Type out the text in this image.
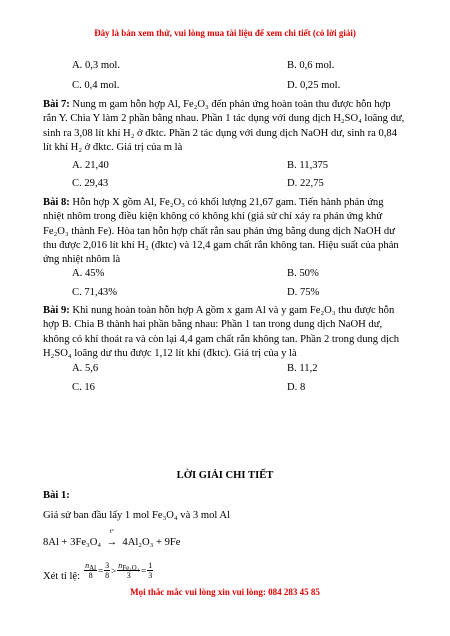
Đây là bản xem thử, vui lòng mua tài liệu để xem chi tiết (có lời giải)
A. 0,3 mol.	B. 0,6 mol.
C. 0,4 mol.	D. 0,25 mol.
Bài 7: Nung m gam hỗn hợp Al, Fe₂O₃ đến phản ứng hoàn toàn thu được hỗn hợp rắn Y. Chia Y làm 2 phần bằng nhau. Phần 1 tác dụng với dung dịch H₂SO₄ loãng dư, sinh ra 3,08 lít khí H₂ ở đktc. Phần 2 tác dụng với dung dịch NaOH dư, sinh ra 0,84 lít khí H₂ ở đktc. Giá trị của m là
A. 21,40	B. 11,375
C. 29,43	D. 22,75
Bài 8: Hỗn hợp X gồm Al, Fe₂O₃ có khối lượng 21,67 gam. Tiến hành phản ứng nhiệt nhôm trong điều kiện không có không khí (giả sử chỉ xảy ra phản ứng khử Fe₂O₃ thành Fe). Hòa tan hỗn hợp chất rắn sau phản ứng bằng dung dịch NaOH dư thu được 2,016 lít khí H₂ (đktc) và 12,4 gam chất rắn không tan. Hiệu suất của phản ứng nhiệt nhôm là
A. 45%	B. 50%
C. 71,43%	D. 75%
Bài 9: Khi nung hoàn toàn hỗn hợp A gồm x gam Al và y gam Fe₂O₃ thu được hỗn hợp B. Chia B thành hai phần bằng nhau: Phần 1 tan trong dung dịch NaOH dư, không có khí thoát ra và còn lại 4,4 gam chất rắn không tan. Phần 2 trong dung dịch H₂SO₄ loãng dư thu được 1,12 lít khí (đktc). Giá trị của y là
A. 5,6	B. 11,2
C. 16	D. 8
LỜI GIẢI CHI TIẾT
Bài 1:
Giả sử ban đầu lấy 1 mol Fe₃O₄ và 3 mol Al
8Al + 3Fe₃O₄
t°
→ 4Al₂O₃ + 9Fe
Xét tỉ lệ: $\frac{n_{Al}}{8} = \frac{3}{8} > \frac{n_{Fe_3O_4}}{3} = \frac{1}{3}$
Mọi thắc mắc vui lòng xin vui lòng: 084 283 45 85
